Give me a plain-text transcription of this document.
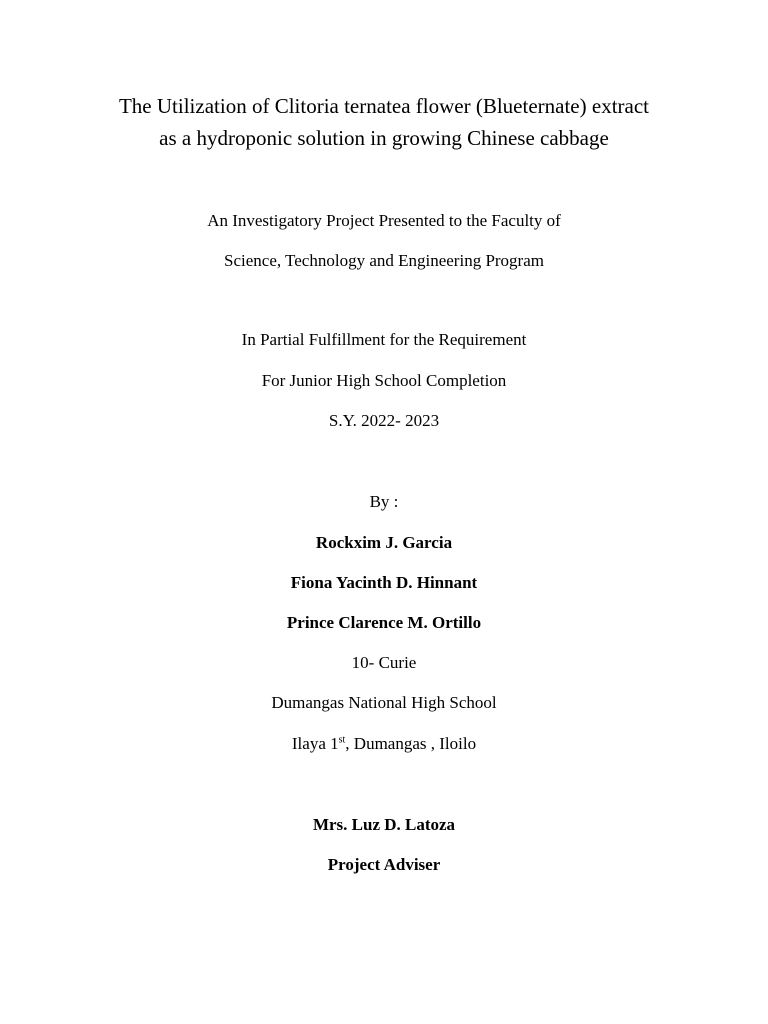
The Utilization of Clitoria ternatea flower (Blueternate) extract
as a hydroponic solution in growing Chinese cabbage
An Investigatory Project Presented to the Faculty of
Science, Technology and Engineering Program
In Partial Fulfillment for the Requirement
For Junior High School Completion
S.Y. 2022- 2023
By :
Rockxim J. Garcia
Fiona Yacinth D. Hinnant
Prince Clarence M. Ortillo
10- Curie
Dumangas National High School
Ilaya 1st, Dumangas , Iloilo
Mrs. Luz D. Latoza
Project Adviser
